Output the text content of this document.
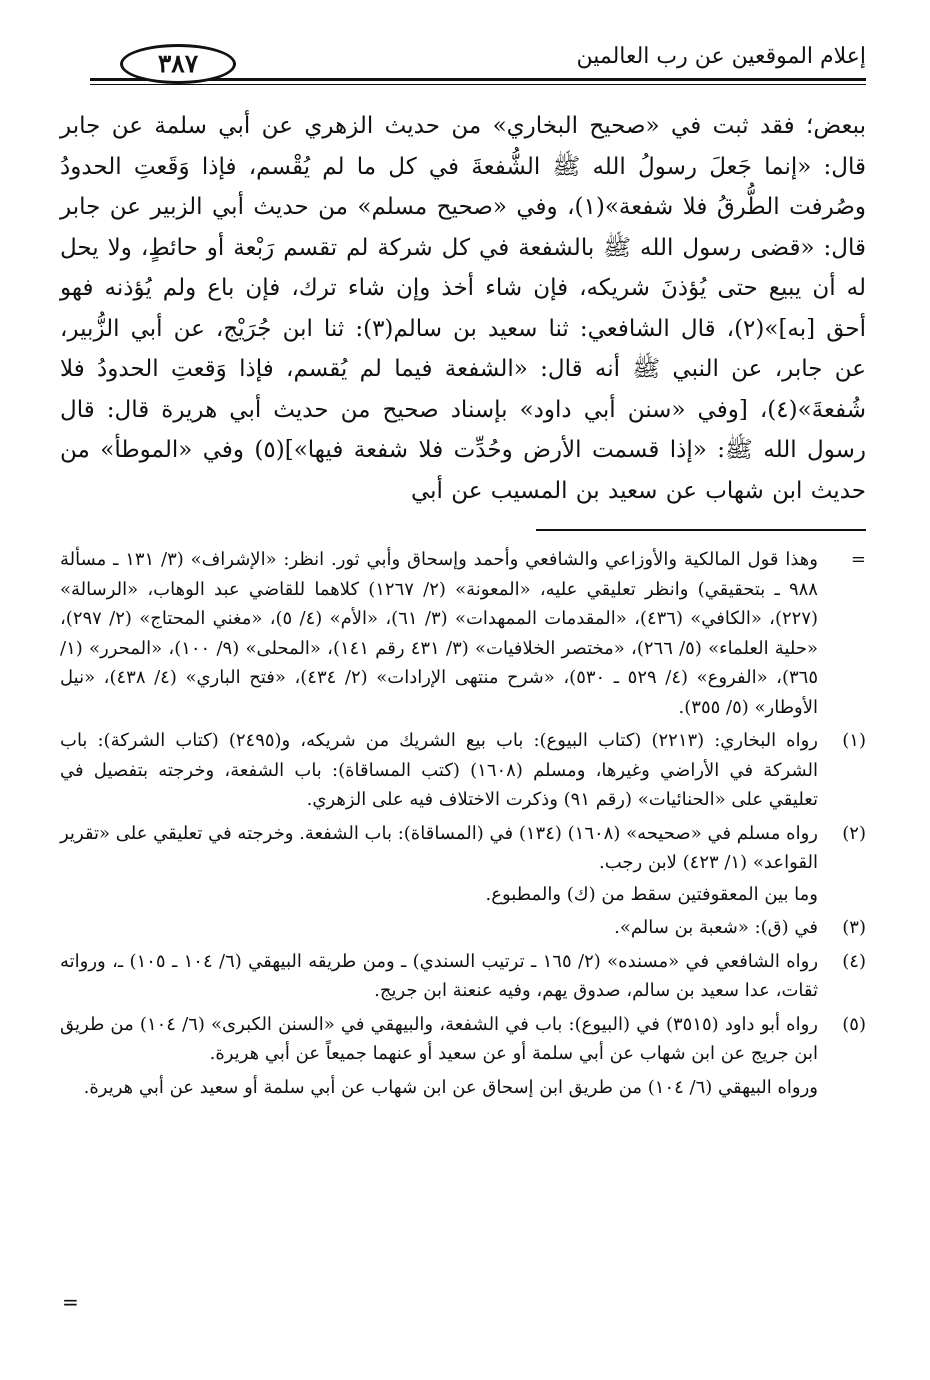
إعلام الموقعين عن رب العالمين
٣٨٧

ببعض؛ فقد ثبت في «صحيح البخاري» من حديث الزهري عن أبي سلمة عن جابر قال: «إنما جَعلَ رسولُ الله ﷺ الشُّفعةَ في كل ما لم يُقْسم، فإذا وَقَعتِ الحدودُ وصُرفت الطُّرقُ فلا شفعة»(١)، وفي «صحيح مسلم» من حديث أبي الزبير عن جابر قال: «قضى رسول الله ﷺ بالشفعة في كل شركة لم تقسم رَبْعة أو حائطٍ، ولا يحل له أن يبيع حتى يُؤذنَ شريكه، فإن شاء أخذ وإن شاء ترك، فإن باع ولم يُؤذنه فهو أحق [به]»(٢)، قال الشافعي: ثنا سعيد بن سالم(٣): ثنا ابن جُرَيْج، عن أبي الزُّبير، عن جابر، عن النبي ﷺ أنه قال: «الشفعة فيما لم يُقسم، فإذا وَقعتِ الحدودُ فلا شُفعةَ»(٤)، [وفي «سنن أبي داود» بإسناد صحيح من حديث أبي هريرة قال: قال رسول الله ﷺ: «إذا قسمت الأرض وحُدِّت فلا شفعة فيها»](٥) وفي «الموطأ» من حديث ابن شهاب عن سعيد بن المسيب عن أبي

=
وهذا قول المالكية والأوزاعي والشافعي وأحمد وإسحاق وأبي ثور. انظر: «الإشراف» (٣/ ١٣١ ـ مسألة ٩٨٨ ـ بتحقيقي) وانظر تعليقي عليه، «المعونة» (٢/ ١٢٦٧) كلاهما للقاضي عبد الوهاب، «الرسالة» (٢٢٧)، «الكافي» (٤٣٦)، «المقدمات الممهدات» (٣/ ٦١)، «الأم» (٤/ ٥)، «مغني المحتاج» (٢/ ٢٩٧)، «حلية العلماء» (٥/ ٢٦٦)، «مختصر الخلافيات» (٣/ ٤٣١ رقم ١٤١)، «المحلى» (٩/ ١٠٠)، «المحرر» (١/ ٣٦٥)، «الفروع» (٤/ ٥٢٩ ـ ٥٣٠)، «شرح منتهى الإرادات» (٢/ ٤٣٤)، «فتح الباري» (٤/ ٤٣٨)، «نيل الأوطار» (٥/ ٣٥٥).
(١)
رواه البخاري: (٢٢١٣) (كتاب البيوع): باب بيع الشريك من شريكه، و(٢٤٩٥) (كتاب الشركة): باب الشركة في الأراضي وغيرها، ومسلم (١٦٠٨) (كتب المساقاة): باب الشفعة، وخرجته بتفصيل في تعليقي على «الحنائيات» (رقم ٩١) وذكرت الاختلاف فيه على الزهري.
(٢)

رواه مسلم في «صحيحه» (١٦٠٨) (١٣٤) في (المساقاة): باب الشفعة. وخرجته في تعليقي على «تقرير القواعد» (١/ ٤٢٣) لابن رجب.

وما بين المعقوفتين سقط من (ك) والمطبوع.

(٣)
في (ق): «شعبة بن سالم».
(٤)
رواه الشافعي في «مسنده» (٢/ ١٦٥ ـ ترتيب السندي) ـ ومن طريقه البيهقي (٦/ ١٠٤ ـ ١٠٥) ـ، ورواته ثقات، عدا سعيد بن سالم، صدوق يهم، وفيه عنعنة ابن جريج.
(٥)
رواه أبو داود (٣٥١٥) في (البيوع): باب في الشفعة، والبيهقي في «السنن الكبرى» (٦/ ١٠٤) من طريق ابن جريج عن ابن شهاب عن أبي سلمة أو عن سعيد أو عنهما جميعاً عن أبي هريرة.
ورواه البيهقي (٦/ ١٠٤) من طريق ابن إسحاق عن ابن شهاب عن أبي سلمة أو سعيد عن أبي هريرة.
=
